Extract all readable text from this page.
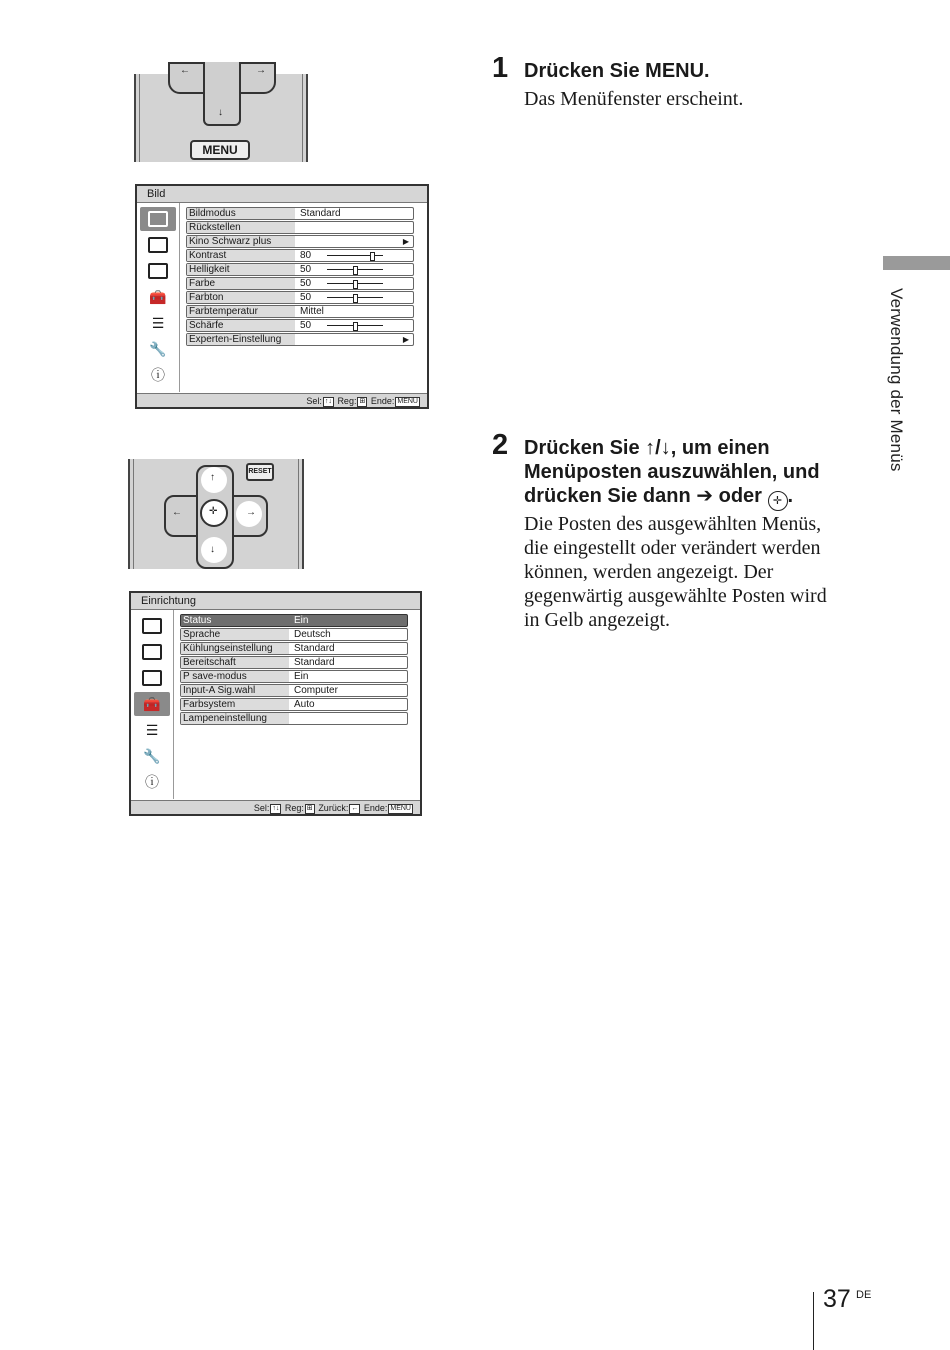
↓
←	→
MENU
Bild
🧰
☰
🔧
ⓘ
Bildmodus	Standard
Rückstellen
Kino Schwarz plus	▶
Kontrast	80
Helligkeit	50
Farbe	50
Farbton	50
Farbtemperatur	Mittel
Schärfe	50
Experten-Einstellung	▶
Sel: ↑↓ Reg: ⊞ Ende: MENU
↑
→
↓
←	✛
RESET
Einrichtung
🧰
☰
🔧
ⓘ
Status	Ein
Sprache	Deutsch
Kühlungseinstellung	Standard
Bereitschaft	Standard
P save-modus	Ein
Input-A Sig.wahl	Computer
Farbsystem	Auto
Lampeneinstellung
Sel: ↑↓ Reg: ⊞ Zurück: ← Ende: MENU
1 Drücken Sie MENU.
Das Menüfenster erscheint.
2 Drücken Sie ↑/↓, um einen
Menüposten auszuwählen, und
drücken Sie dann ➔ oder ✛ .
Die Posten des ausgewählten Menüs,
die eingestellt oder verändert werden
können, werden angezeigt. Der
gegenwärtig ausgewählte Posten wird
in Gelb angezeigt.
Verwendung der Menüs
37 DE
